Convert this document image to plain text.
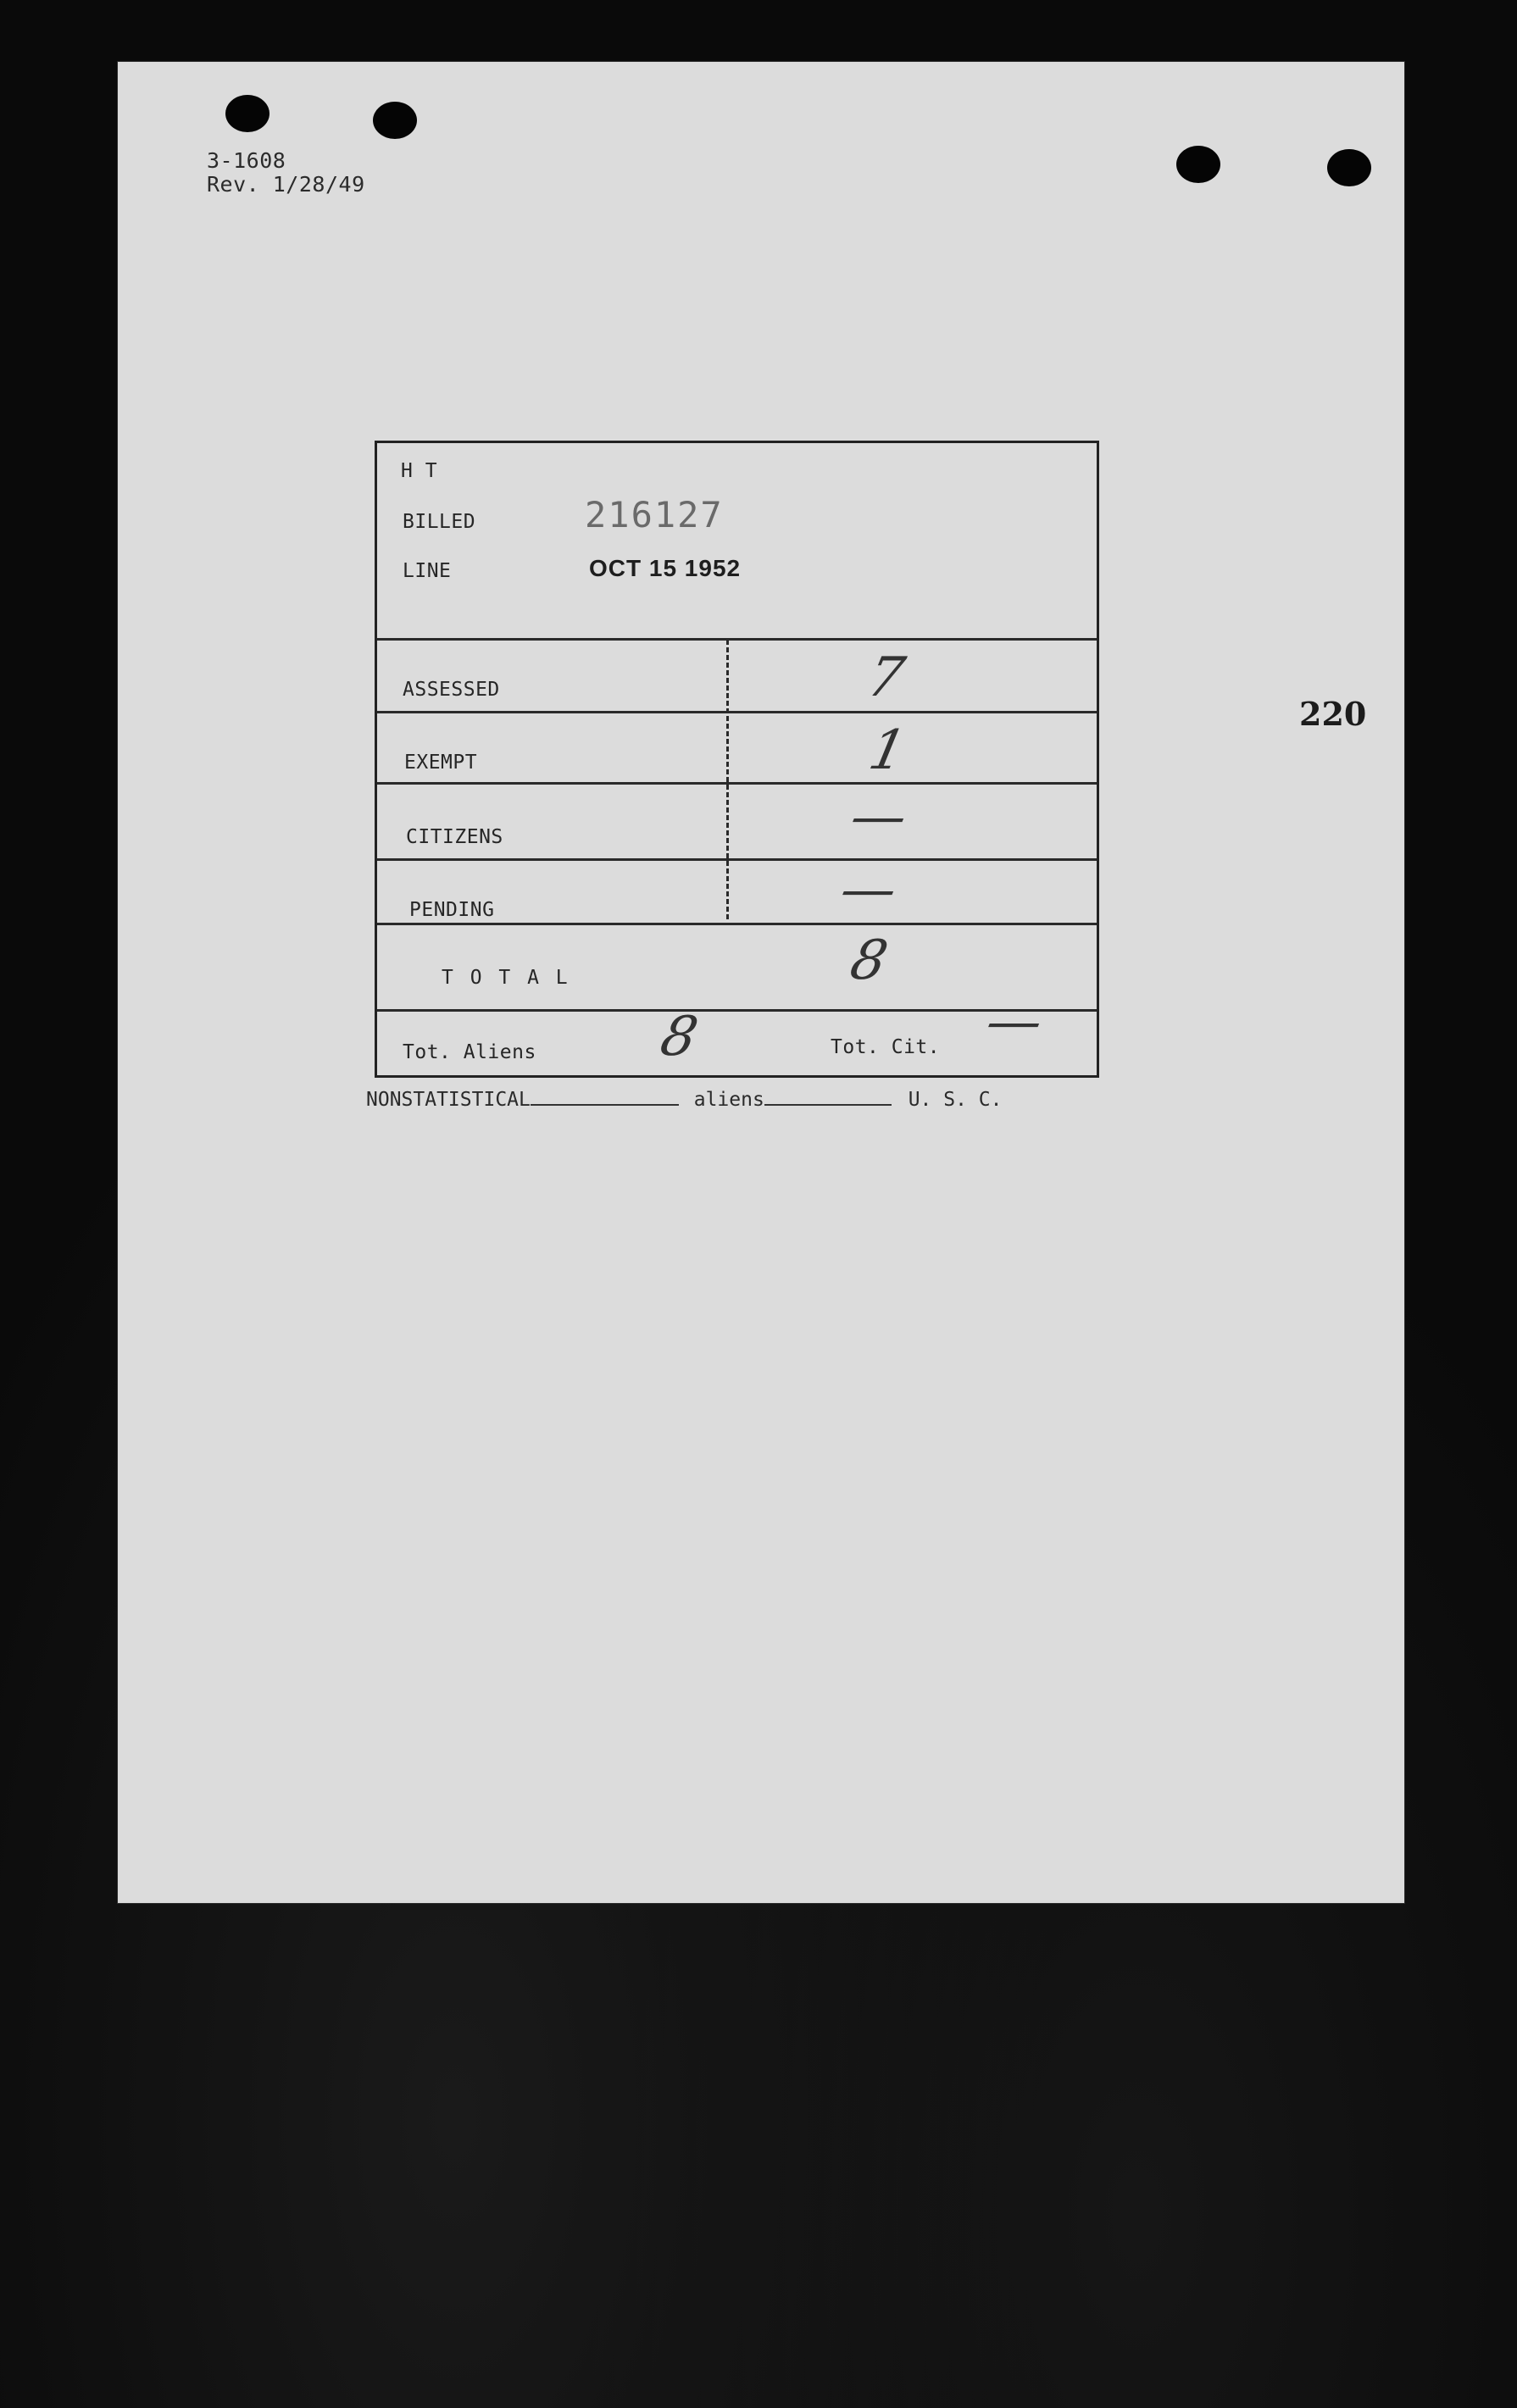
3-1608
Rev. 1/28/49
220
H T
BILLED	216127
LINE	OCT 15 1952
ASSESSED	7
EXEMPT	1
CITIZENS	—
PENDING	—
T O T A L	8
Tot. Aliens 8	Tot. Cit. —
NONSTATISTICAL	aliens	U. S. C.
